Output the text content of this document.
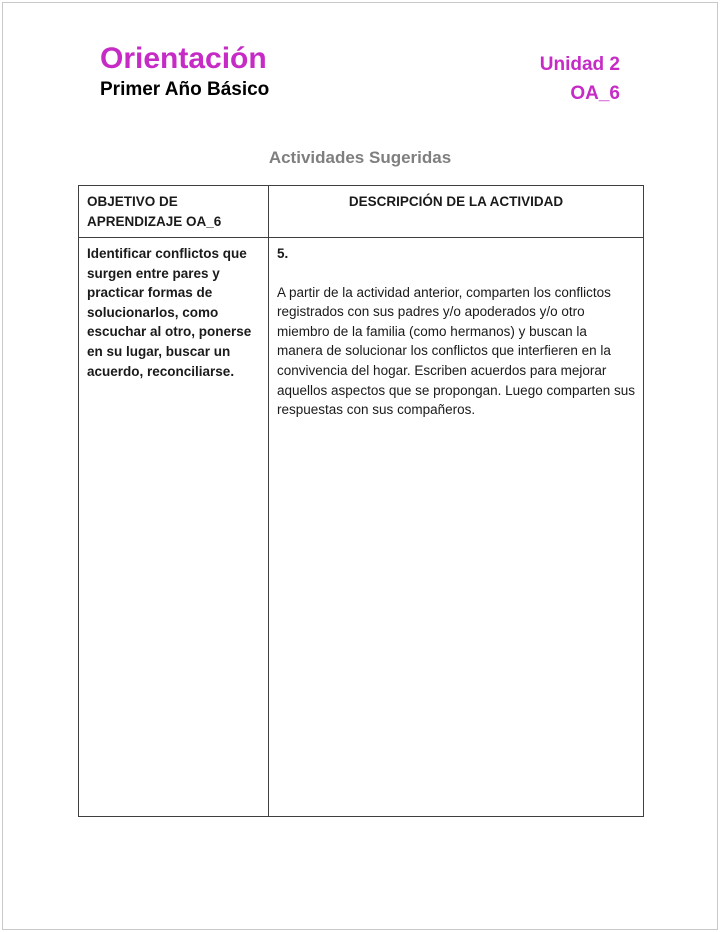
Orientación
Primer Año Básico
Unidad 2
OA_6
Actividades Sugeridas
OBJETIVO DE APRENDIZAJE OA_6	DESCRIPCIÓN DE LA ACTIVIDAD

Identificar conflictos que surgen entre pares y practicar formas de solucionarlos, como escuchar al otro, ponerse en su lugar, buscar un acuerdo, reconciliarse.	5.
A partir de la actividad anterior, comparten los conflictos registrados con sus padres y/o apoderados y/o otro miembro de la familia (como hermanos) y buscan la manera de solucionar los conflictos que interfieren en la convivencia del hogar. Escriben acuerdos para mejorar aquellos aspectos que se propongan. Luego comparten sus respuestas con sus compañeros.
